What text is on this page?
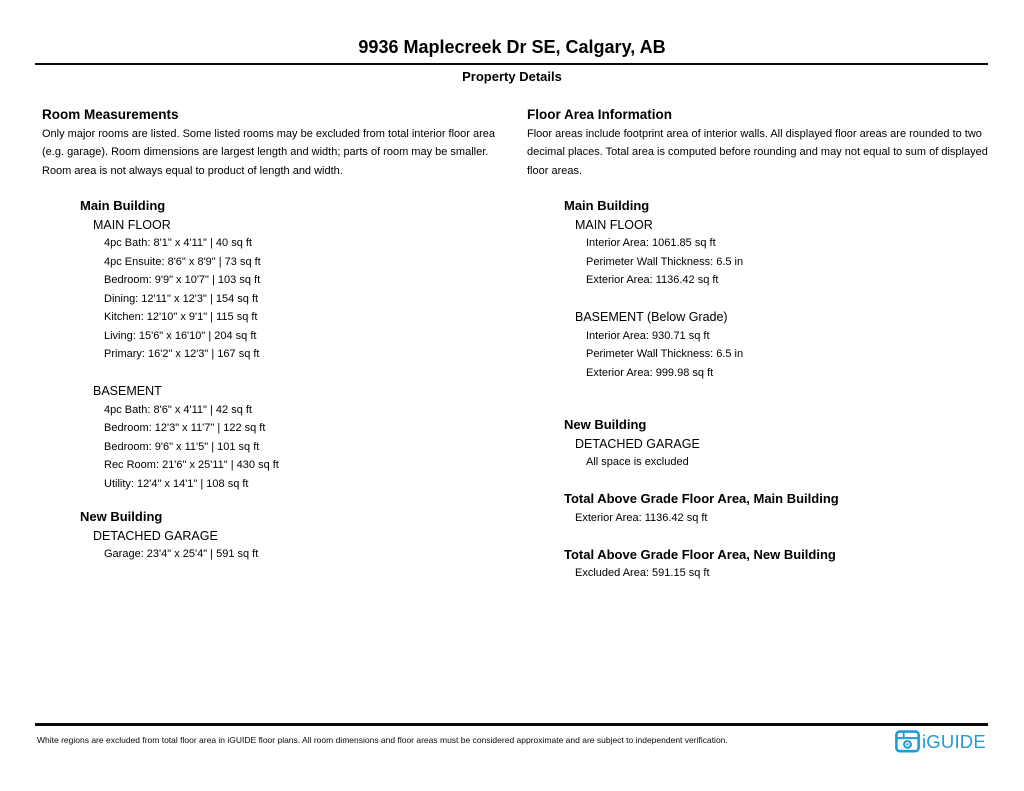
9936 Maplecreek Dr SE, Calgary, AB
Property Details
Room Measurements
Only major rooms are listed. Some listed rooms may be excluded from total interior floor area
(e.g. garage). Room dimensions are largest length and width; parts of room may be smaller.
Room area is not always equal to product of length and width.
Main Building
MAIN FLOOR
4pc Bath: 8'1" x 4'11" | 40 sq ft
4pc Ensuite: 8'6" x 8'9" | 73 sq ft
Bedroom: 9'9" x 10'7" | 103 sq ft
Dining: 12'11" x 12'3" | 154 sq ft
Kitchen: 12'10" x 9'1" | 115 sq ft
Living: 15'6" x 16'10" | 204 sq ft
Primary: 16'2" x 12'3" | 167 sq ft
BASEMENT
4pc Bath: 8'6" x 4'11" | 42 sq ft
Bedroom: 12'3" x 11'7" | 122 sq ft
Bedroom: 9'6" x 11'5" | 101 sq ft
Rec Room: 21'6" x 25'11" | 430 sq ft
Utility: 12'4" x 14'1" | 108 sq ft
New Building
DETACHED GARAGE
Garage: 23'4" x 25'4" | 591 sq ft
Floor Area Information
Floor areas include footprint area of interior walls. All displayed floor areas are rounded to two
decimal places. Total area is computed before rounding and may not equal to sum of displayed
floor areas.
Main Building
MAIN FLOOR
Interior Area: 1061.85 sq ft
Perimeter Wall Thickness: 6.5 in
Exterior Area: 1136.42 sq ft
BASEMENT (Below Grade)
Interior Area: 930.71 sq ft
Perimeter Wall Thickness: 6.5 in
Exterior Area: 999.98 sq ft
New Building
DETACHED GARAGE
All space is excluded
Total Above Grade Floor Area, Main Building
Exterior Area: 1136.42 sq ft
Total Above Grade Floor Area, New Building
Excluded Area: 591.15 sq ft
White regions are excluded from total floor area in iGUIDE floor plans. All room dimensions and floor areas must be considered approximate and are subject to independent verification.	iGUIDE
